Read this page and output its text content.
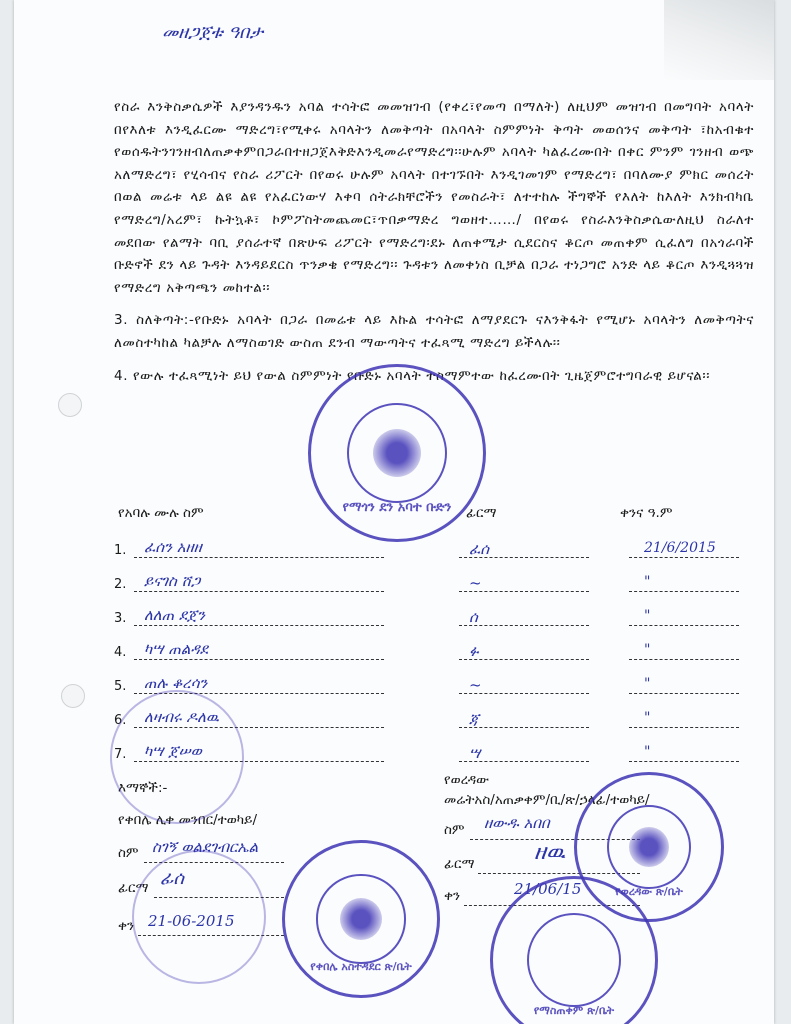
መዘጋጀቱ ዓበታ

የስራ እንቅስቃሴዎች እያንዳንዱን አባል ተሳትፎ መመዝገብ (የቀረ፣የመጣ በማለት) ለዚህም መዝገብ በመግባት አባላት በየእለቱ እንዲፈርሙ ማድረግ፣የሚቀሩ አባላትን ለመቅጣት በአባላት ስምምነት ቅጣት መወሰንና መቅጣት ፣ከአብቁተ የወሰዱትንገንዘብለጠቃቀምበጋራበተዘጋጀእቅድእንዲመራየማድረግ፡፡ሁሉም አባላት ካልፈረሙበት በቀር ምንም ገንዘብ ወጭ አለማድረግ፣ የሂሳብና የስራ ሪፖርት በየወሩ ሁሉም አባላት በተገኙበት እንዲገመገም የማድረግ፣ በባለሙያ ምክር መሰረት በወል መሬቱ ላይ ልዩ ልዩ የአፈርነውሃ እቀባ ሰትራክቸሮችን የመስራት፣ ለተተከሉ ችግኞች የእለት ከእለት እንክብካቤ የማድረግ/አረም፣ ኩትኳቶ፣ ኮምፖስትመጨመር፣ጥበቃማድረ ግወዘተ……/ በየወሩ የስራእንቅስቃሴውለዚህ ስራለተ መደበው የልማት ባቢ ያሰራተኛ በጽሁፍ ሪፖርት የማድረግ፡ደኑ ለጠቀሜታ ሲደርስና ቆርጦ መጠቀም ሲፈለግ በአጎራባች ቡድኖች ደን ላይ ጉዳት እንዳይደርስ ጥንቃቄ የማድረግ፡፡ ጉዳቱን ለመቀነስ ቢቻል በጋራ ተነጋግሮ አንድ ላይ ቆርጦ እንዲጓጓዝ የማድረግ አቅጣጫን መከተል፡፡

3. ስለቅጣት:-የቡድኑ አባላት በጋራ በመሬቱ ላይ እኩል ተሳትፎ ለማያደርጉ ናእንቅፋት የሚሆኑ አባላትን ለመቅጣትና ለመስተካከል ካልቻሉ ለማስወገድ ውስጠ ደንብ ማውጣትና ተፈጻሚ ማድረግ ይችላሉ፡፡

4. የውሉ ተፈጻሚነት ይህ የውል ስምምነት የቡድኑ አባላት ተስማምተው ከፈረሙበት ጊዜጀምሮተግባራዊ ይሆናል፡፡

የአባሉ ሙሉ ስም	ፊርማ	ቀንና ዓ.ም
1. ፈሰን አዘዘ	ፈሰ	21/6/2015
2. ይናገስ ሸጋ	~	"
3. ለለጠ ደጀን	ሰ	"
4. ካሣ ጠልዳደ	ፉ	"
5. ጠሉ ቆረሳን	~	"
6. ለዛብሩ ዶለዉ	ጃ	"
7. ካሣ ጀሠወ	ሣ	"
እማኞች:-
የቀበሌ ሊቀ መንበር/ተወካይ/
የወረዳው
መሬትአስ/አጠቃቀም/ቢ/ጽ/ኃላፊ/ተወካይ/
ስም ስገኝ ወልደገብርኤል
ፊርማ ፊሰ
ቀን 21-06-2015
ስም ዘውዱ አበበ
ፊርማ	ዘዉ
ቀን	21/06/15
የማጎን ደን አባተ ቡድን
የቀበሌ አስተዳደር ጽ/ቤት
የወረዳው ጽ/ቤት
የማስጠቀም ጽ/ቤት
